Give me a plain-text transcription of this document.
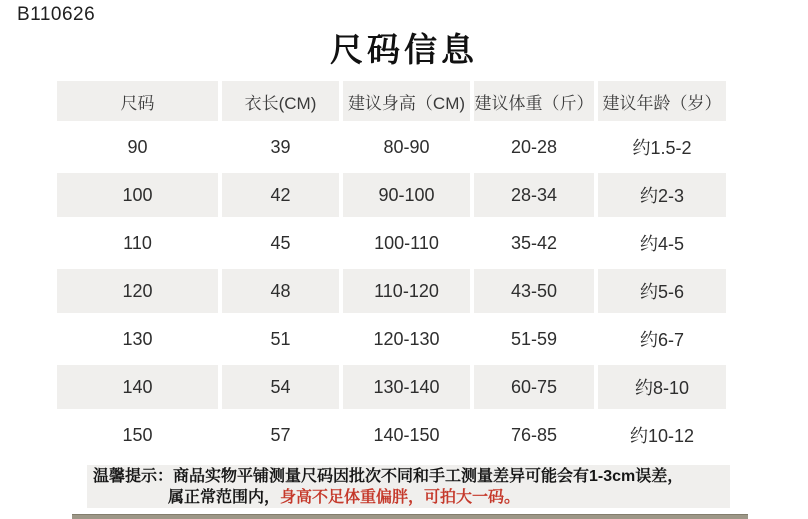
B110626
尺码信息
尺码	衣长(CM)	建议身高（CM)	建议体重（斤）	建议年龄（岁）
90	39	80-90	20-28	约1.5-2
100	42	90-100	28-34	约2-3
110	45	100-110	35-42	约4-5
120	48	110-120	43-50	约5-6
130	51	120-130	51-59	约6-7
140	54	130-140	60-75	约8-10
150	57	140-150	76-85	约10-12
温馨提示：商品实物平铺测量尺码因批次不同和手工测量差异可能会有1-3cm误差，
属正常范围内，身高不足体重偏胖，可拍大一码。
